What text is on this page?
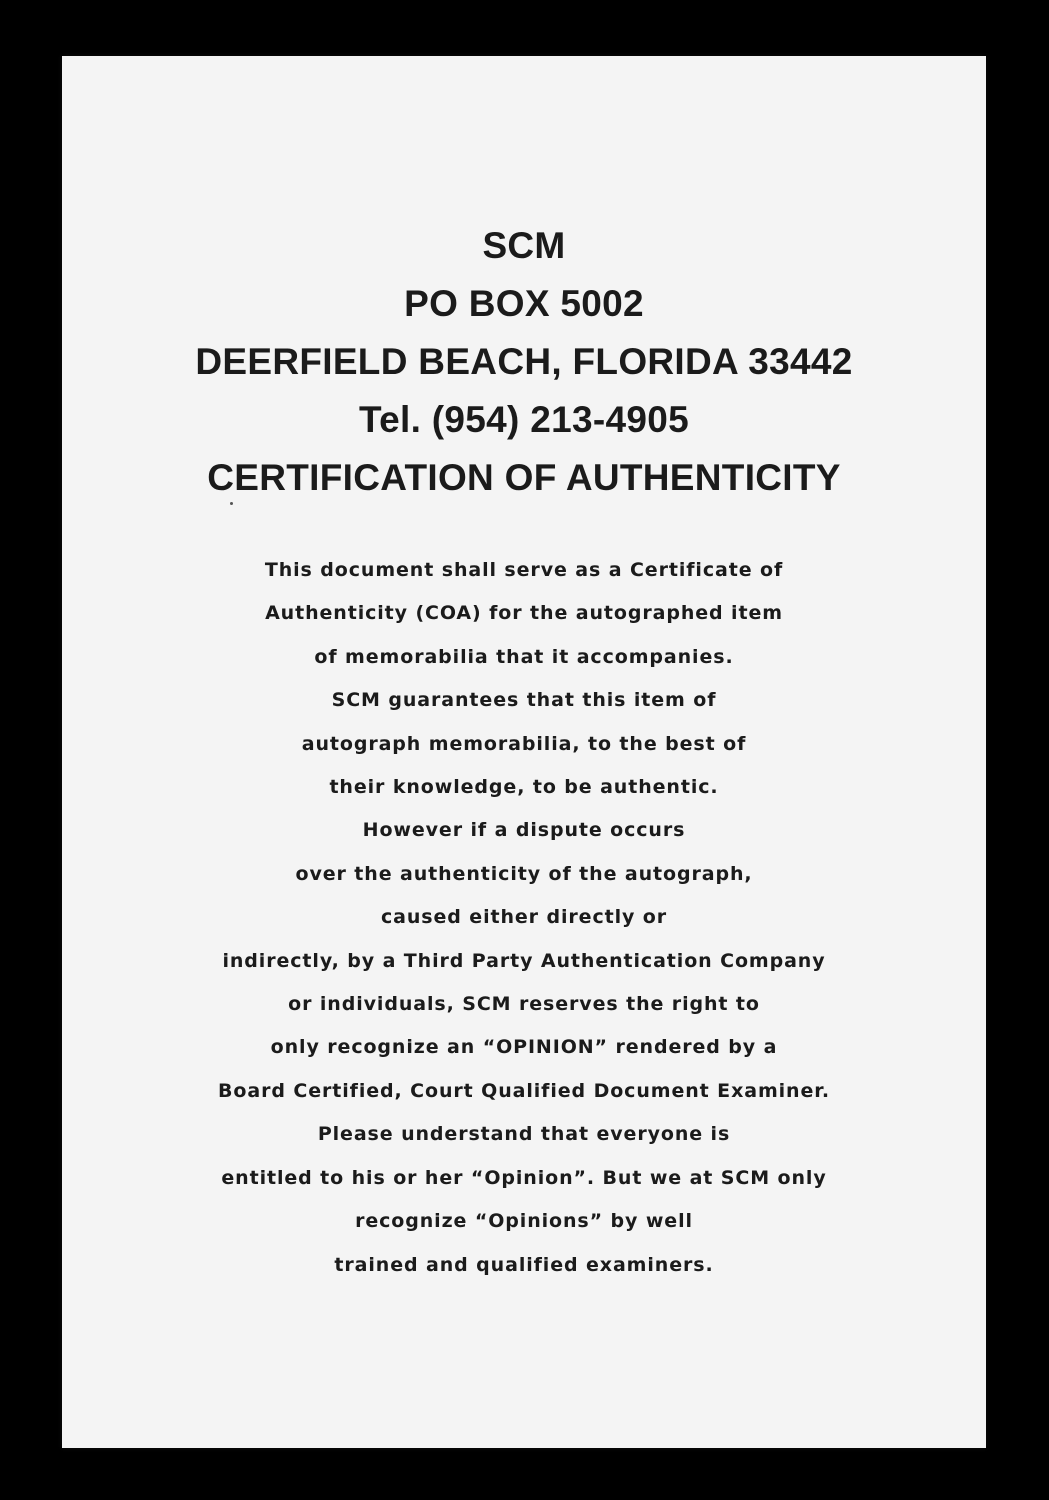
SCM
PO BOX 5002
DEERFIELD BEACH, FLORIDA 33442
Tel. (954) 213-4905
CERTIFICATION OF AUTHENTICITY
This document shall serve as a Certificate of
Authenticity (COA) for the autographed item
of memorabilia that it accompanies.
SCM guarantees that this item of
autograph memorabilia, to the best of
their knowledge, to be authentic.
However if a dispute occurs
over the authenticity of the autograph,
caused either directly or
indirectly, by a Third Party Authentication Company
or individuals, SCM reserves the right to
only recognize an “OPINION” rendered by a
Board Certified, Court Qualified Document Examiner.
Please understand that everyone is
entitled to his or her “Opinion”. But we at SCM only
recognize “Opinions” by well
trained and qualified examiners.
